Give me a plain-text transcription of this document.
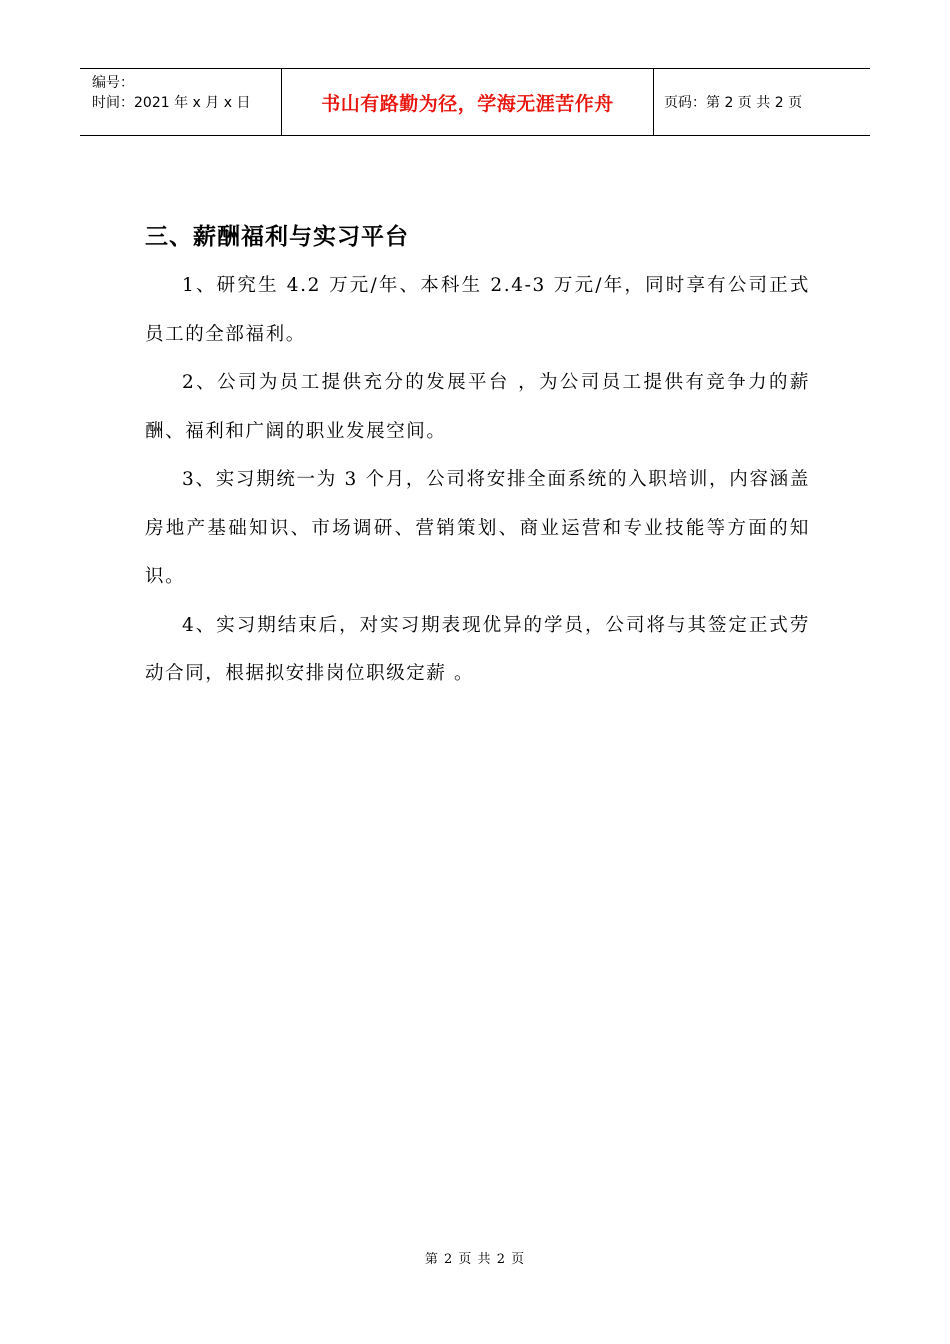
编号：
时间：2021 年 x 月 x 日	书山有路勤为径，学海无涯苦作舟	页码：第 2 页 共 2 页
三、薪酬福利与实习平台

1、研究生 4.2 万元/年、本科生 2.4-3 万元/年，同时享有公司正式员工的全部福利。

2、公司为员工提供充分的发展平台 ，为公司员工提供有竞争力的薪酬、福利和广阔的职业发展空间。

3、实习期统一为 3 个月，公司将安排全面系统的入职培训，内容涵盖房地产基础知识、市场调研、营销策划、商业运营和专业技能等方面的知识。

4、实习期结束后，对实习期表现优异的学员，公司将与其签定正式劳动合同，根据拟安排岗位职级定薪 。

第 2 页 共 2 页
